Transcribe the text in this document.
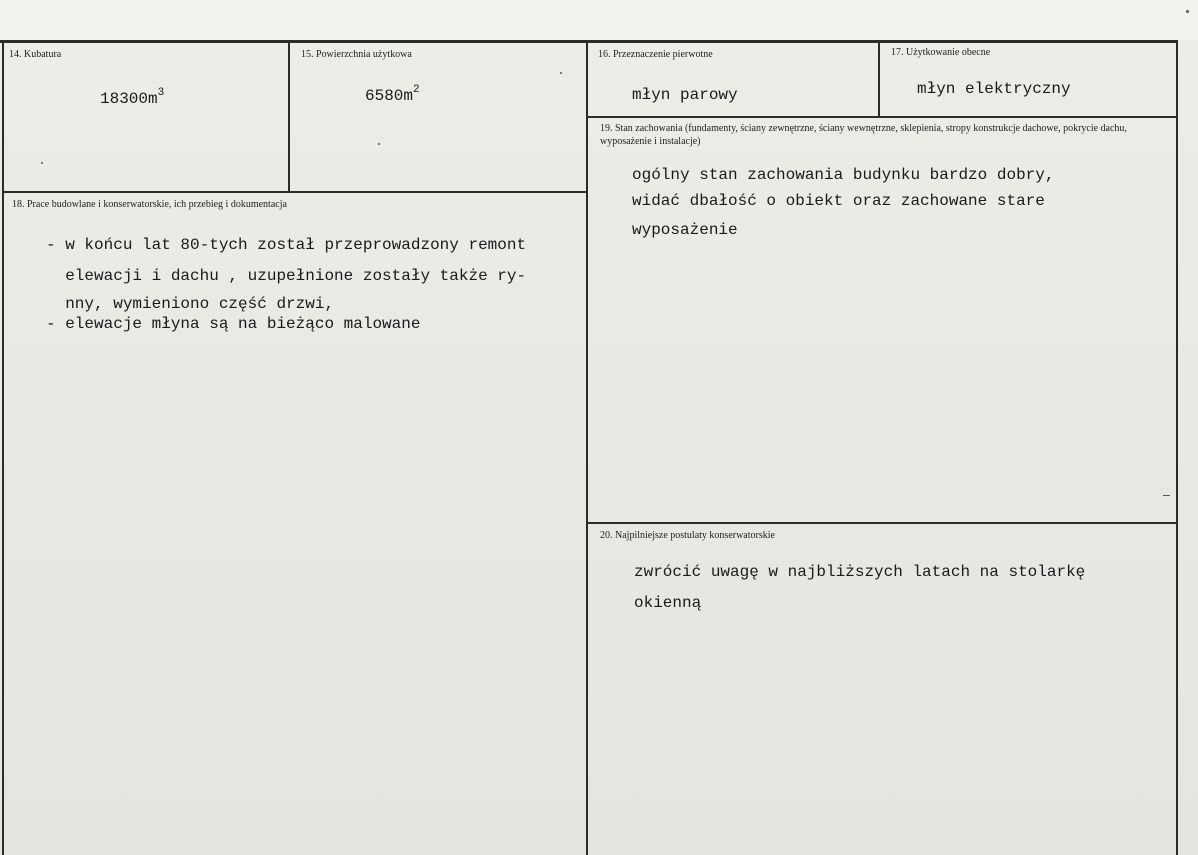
14. Kubatura
$18300m^3$
15. Powierzchnia użytkowa
$6580m^2$
16. Przeznaczenie pierwotne
młyn parowy
17. Użytkowanie obecne
młyn elektryczny
18. Prace budowlane i konserwatorskie, ich przebieg i dokumentacja
- w końcu lat 80-tych został przeprowadzony remont
elewacji i dachu , uzupełnione zostały także ry-
nny, wymieniono część drzwi,
- elewacje młyna są na bieżąco malowane
19. Stan zachowania (fundamenty, ściany zewnętrzne, ściany wewnętrzne, sklepienia, stropy konstrukcje dachowe, pokrycie dachu, wyposażenie i instalacje)
ogólny stan zachowania budynku bardzo dobry,
widać dbałość o obiekt oraz zachowane stare
wyposażenie
20. Najpilniejsze postulaty konserwatorskie
zwrócić uwagę w najbliższych latach na stolarkę
okienną
